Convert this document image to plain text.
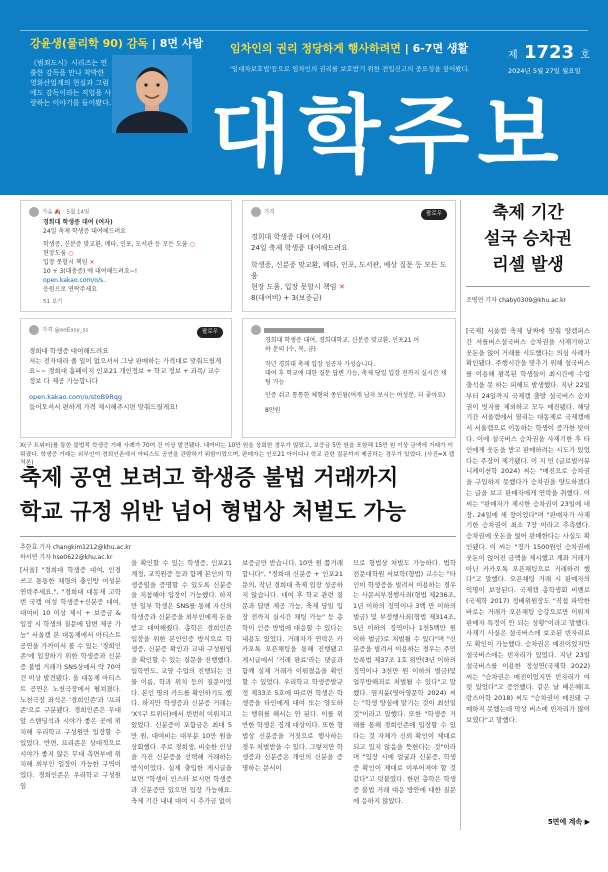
강윤생(물리학 90) 감독 | 8면 사람
《범죄도시》시리즈는 연출한 감독을 만나 착박한 영화산업계의 현실과 그럼에도 감독이라는 직업을 사랑하는 이야기를 들어봤다.
임차인의 권리 정당하게 행사하려면 | 6-7면 생활
'임대차보호법'등으로 임차인의 권리를 보호받기 위한 전입신고의 중요성을 짚어봤다.
제 1723 호
2024년 5월 27일 월요일
대학주보
가을 🍂 · 5월 14일
경희대 학생증 대여 (여자)
24일 축제 학생증 대여해드려요
학생증, 신분증 맞교환, 메타, 인포, 도서관 등 모든 도움 ○
현장도움 ○
입장 못할시 책임 ✕
10 + 3(대충증) 에 대여해드려요~!
open.kakao.com/o/s..
응원으로 연락주세요
51 보기
가격	팔로우
경희대 학생증 대여 (여자)
24일 축제 학생증 대여해드려요
학생증, 신분증 맞교환, 메타, 인포, 도서관, 예상 질문 등 모든 도움
현장 도움, 입장 못할시 책임 ✕
8(대여비) + 3(보증금)
가격 @anEasy_ss	팔로우
경희대 학생증 대여해드려요
저는 전자대라 줄 일이 없으셔서 그냥 판매하는 가격대로 맞춰드릴게요~~ 경희대 홈페이지 인포21 개인정보 + 학교 정보 + 과목/ 교수 정보 다 제공 가능합니다
open.kakao.com/o/stoB9Rqg
들어오셔서 편하게 가격 제시해주시면 맞춰드릴게요!
경희대 학생증 대여, 경희대학교, 신분증 맞교환, 인포21 어
하 문의 (수, 목, 금)
작년 경희대 축제 입장 성공자 가성습니다.
대여 후 학교에 대한 질문 답변 가능, 축제 당일 입장 전까지 실시간 채팅 가능
인증 쉬고 통통한 체형의 종인됨(여캐 남자 보시는 여성분, 더 좋아요)
8만원
X(구 트위터)를 통한 불법적 학생증 거래 사례가 70여 건 이상 발견됐다. 대여비는 10만 원을 상회한 경우가 많았고, 보증금 5만 원을 포함해 15만 원 이상 금액에 거래가 이뤄졌다. 학생증 거래는 외부인이 경희인존에서 아티스트 공연을 관람하기 위함이었으며, 판매자는 인포21 아이디나 학교 관련 질문까지 제공하는 경우가 있었다. (사진=X 캡처본)
축제 공연 보려고 학생증 불법 거래까지
학교 규정 위반 넘어 형법상 처벌도 가능
추한효 기자 changkim1212@khu.ac.kr
하서연 기자 hse0622@khu.ac.kr
[서울] "경희대 학생증 대여, 인경 쓰고 통통한 체형의 충인방 여성분 연락주세요.", "경희대 대동제 고학번 국캠 여성 학생증+신분증 대여, 대여비 10 이상 제시 + 보증금 & 입장 시 학생의 질문에 답변 제공 가능" 서울캠 본 대동제에서 아티스트 공연을 가까이서 볼 수 있는 '경희인존'에 입장하기 위한 학생증과 신분증 불법 거래가 SNS상에서 약 70여 건 이상 발견됐다. 올 대동제 아티스트 공연은 노천극장에서 펼쳐졌다. 노천극장 좌석은 '경희인존'과 '프리존'으로 구분됐다. 경희인존은 무대 앞 스탠딩석과 시야가 좋은 곳에 위치해 우리학교 구성원만 입장할 수 있었다. 반면, 프리존은 상대적으로 시야가 좋지 않은 무대 측면부에 위치해 외부인 입장이 가능한 구역이었다. 경희인존은 우리학교 구성원임
을 확인할 수 있는 학생증, 인포21 계정, 교직원증 등과 함께 본인의 학생증임을 증명할 수 있도록 신분증을 지참해야 입장이 가능했다. 하지만 일부 학생은 SNS를 통해 자신의 학생증과 신분증을 외부인에게 돈을 받고 대여해줬다. 총학은 경희인존 입장을 위한 본인인증 방식으로 학생증, 신분증 확인과 교내 구성원임을 확인할 수 있는 질문을 진행했다. 입학연도, 교양 수업의 진행되는 건물 이름, 학과 위치 등의 질문이었다. 본인 명의 카드를 확인하기도 했다. 하지만 학생증과 신분증 거래는 'X'(구 트위터)에서 빈번히 이뤄지고 있었다. 신분증이 포함금은 최대 5만 원, 대여비는 대부분 10만 원을 상회했다. 주로 경희생, 비슷한 인상을 가진 신분증을 선택해 거래하는 방식이었다. 실제 출입한 게시글을 보면 "학생이 인스타 보시면 학생증과 신분증만 있으면 입장 가능해요. 축제 기간 내내 대여 시 추가금 없이
보증금만 받습니다. 10만 원 쯤거래 합니다", "경희대 신분증 + 인포21 문의, 작년 경희대 축제 입장 성공하지 않습니다. 대여 후 학교 관련 질문과 답변 제공 가능, 축제 당일 입장 전까지 실시간 채팅 가능" 등 총학이 인증 방법에 대응할 수 있다는 내용도 있었다. 거래자가 연락은 카카오톡 오픈채팅을 통해 진행됐고 게시글에서 '거래 완료'라는 댓글과 함께 실제 거래가 이뤄졌음을 확인할 수 있었다. 우리학교 학생증발규정 제33조 5호에 따르면 학생은 학생증을 타인에게 대여 또는 양도하는 행위를 해서는 안 된다. 이를 위반한 학생은 징계 대상이다. 또한 형법상 신분증을 거짓으로 행사하는 경우 처벌받을 수 있다. 그렇지만 학생증과 신분증은 개인의 신분을 증명하는 문서이
므로 형법상 처벌도 가능하다. 법학전문대학원 서보학(형법) 교수는 "타인이 학생증을 빌려서 이용하는 경우는 사문서부정행사죄(형법 제236조, 1년 이하의 징역이나 3백 만 이하의 벌금) 및 부정행사죄(형법 제314조, 5년 이하의 징역이나 1천5백만 원 이하 벌금)로 처벌될 수 있다"며 "신분증을 빌려서 이용하는 경우는 주민등록법 제37조 1호 위반(3년 이하의 징역이나 3천만 원 이하의 벌금)및 업무방해죄로 처벌될 수 있다"고 말했다. 염지윤(영어영문학 2024) 씨는 "학생 양심에 맡기는 것이 최선일 것"이라고 말했다. 또한 "학생증 거래를 통해 경희인존에 입장할 수 있다는 것 자체가 신뢰 확인이 제대로 되고 있지 않음을 뜻한다는 것"이라며 "입장 시에 얼굴과 신분증, 학생증 확인이 제대로 이루어져야 할 것 같다"고 덧붙였다. 한편 총학은 학생증 불법 거래 대응 방안에 대한 질문에 응하지 않았다.
축제 기간
설국 승차권
리셀 발생
조병연 기자 chaby0309@khu.ac.kr
[국제] 서울캠 축제 날짜에 맞춰 양캠퍼스 간 셔틀버스설국버스 승차권을 사재기하고 웃돈을 얹어 거래를 시도했다는 의심 사례가 확인됐다. 주행시간을 맞추기 위해 설국버스를 이용해 왕복된 학생들이 최시간에 수업 출석을 못 하는 피해도 발생했다. 지난 22일부터 24일까지 국제캠 출발 설국버스 승차권이 빗자를 제외하고 모두 매진됐다. 해당 기간 서울캠에서 열리는 대동제로 국제캠에서 서울캠으로 이동하는 학생이 증가한 탓이다. 이에 설국버스 승차권을 사재기한 후 타인에게 웃돈을 받고 판매하려는 시도가 있었다는 주장이 제기됐다. 이 지 민 (글로벌커뮤니케이션학 2024) 씨는 "매진으로 승차권을 구입하지 못했다가 승차권을 양도하겠다는 글을 보고 판매자에게 연락을 취했다. 이 씨는 "판매자가 제시한 승차권이 23일에 네 장, 24일에 세 장이었다"며 "판매자가 사재기한 승차권이 최소 7장 이라고 추측했다. 승차권에 웃돈을 얹어 판매한다는 사실도 확인됐다. 이 씨는 "정가 1500원인 승차권에 웃돈이 얹어진 금액을 제시했고 계좌 거래가 아닌 카카오톡 오픈채팅으로 거래하려 했다"고 말했다. 오픈채팅 거래 시 판매자의 익명이 보장된다. 국제캠 총학생회 비벤로(국제학 2017) 정배위원장도 "직접 파악한 바로는 거래가 오픈채팅 승강으로만 이뤄져 판매자 특정이 안 되는 상황"이라고 말했다. 사재기 사실은 설국버스에 보조된 빈자리로도 확인이 가능했다. 승차권은 매진이었지만 설국버스에는 빈자리가 있었다. 지난 23일 설국버스를 이용한 정성연(국제학 2022) 씨는 "승차권은 매진이었지만 빈자리가 여럿 있었다"고 증언했다. 같은 날 배은혜(프랑스어학 2018) 씨도 "승차권이 매진돼 구매하지 못했는데 막상 버스에 빈자리가 많이 보였다"고 말했다.
5면에 계속 ▶
